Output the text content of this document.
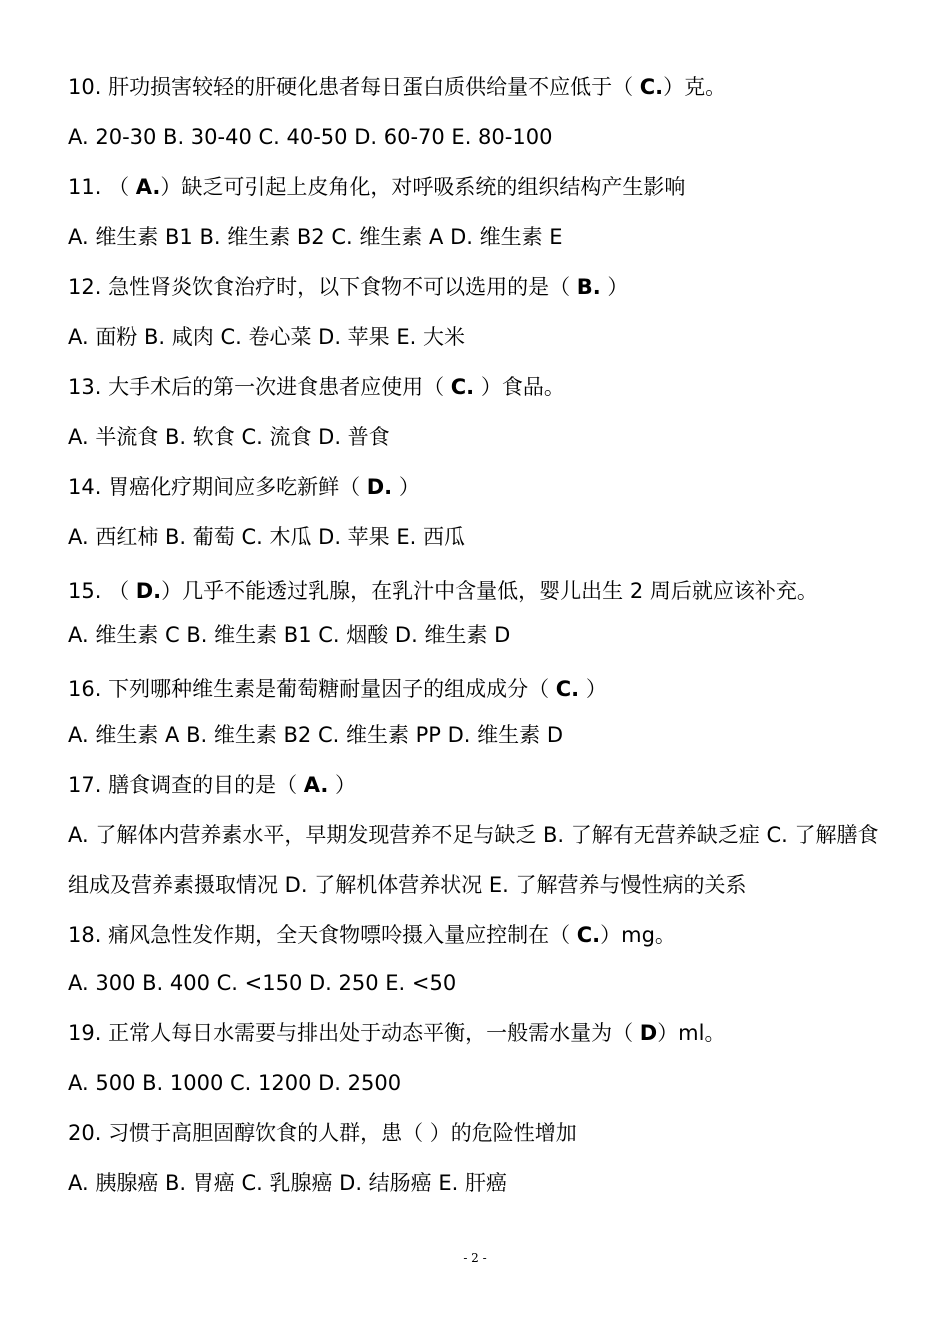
10. 肝功损害较轻的肝硬化患者每日蛋白质供给量不应低于（ C.）克。
A. 20-30 B. 30-40 C. 40-50 D. 60-70 E. 80-100
11. （ A.）缺乏可引起上皮角化，对呼吸系统的组织结构产生影响
A. 维生素 B1 B. 维生素 B2 C. 维生素 A D. 维生素 E
12. 急性肾炎饮食治疗时，以下食物不可以选用的是（ B. ）
A. 面粉 B. 咸肉 C. 卷心菜 D. 苹果 E. 大米
13. 大手术后的第一次进食患者应使用（ C. ）食品。
A. 半流食 B. 软食 C. 流食 D. 普食
14. 胃癌化疗期间应多吃新鲜（ D. ）
A. 西红柿 B. 葡萄 C. 木瓜 D. 苹果 E. 西瓜
15. （ D.）几乎不能透过乳腺，在乳汁中含量低，婴儿出生 2 周后就应该补充。
A. 维生素 C B. 维生素 B1 C. 烟酸 D. 维生素 D
16. 下列哪种维生素是葡萄糖耐量因子的组成成分（ C. ）
A. 维生素 A B. 维生素 B2 C. 维生素 PP D. 维生素 D
17. 膳食调查的目的是（ A. ）
A. 了解体内营养素水平，早期发现营养不足与缺乏 B. 了解有无营养缺乏症 C. 了解膳食组成及营养素摄取情况 D. 了解机体营养状况 E. 了解营养与慢性病的关系
18. 痛风急性发作期，全天食物嘌呤摄入量应控制在（ C.）mg。
A. 300 B. 400 C. <150 D. 250 E. <50
19. 正常人每日水需要与排出处于动态平衡，一般需水量为（ D）ml。
A. 500 B. 1000 C. 1200 D. 2500
20. 习惯于高胆固醇饮食的人群，患（ ）的危险性增加
A. 胰腺癌 B. 胃癌 C. 乳腺癌 D. 结肠癌 E. 肝癌
- 2 -
